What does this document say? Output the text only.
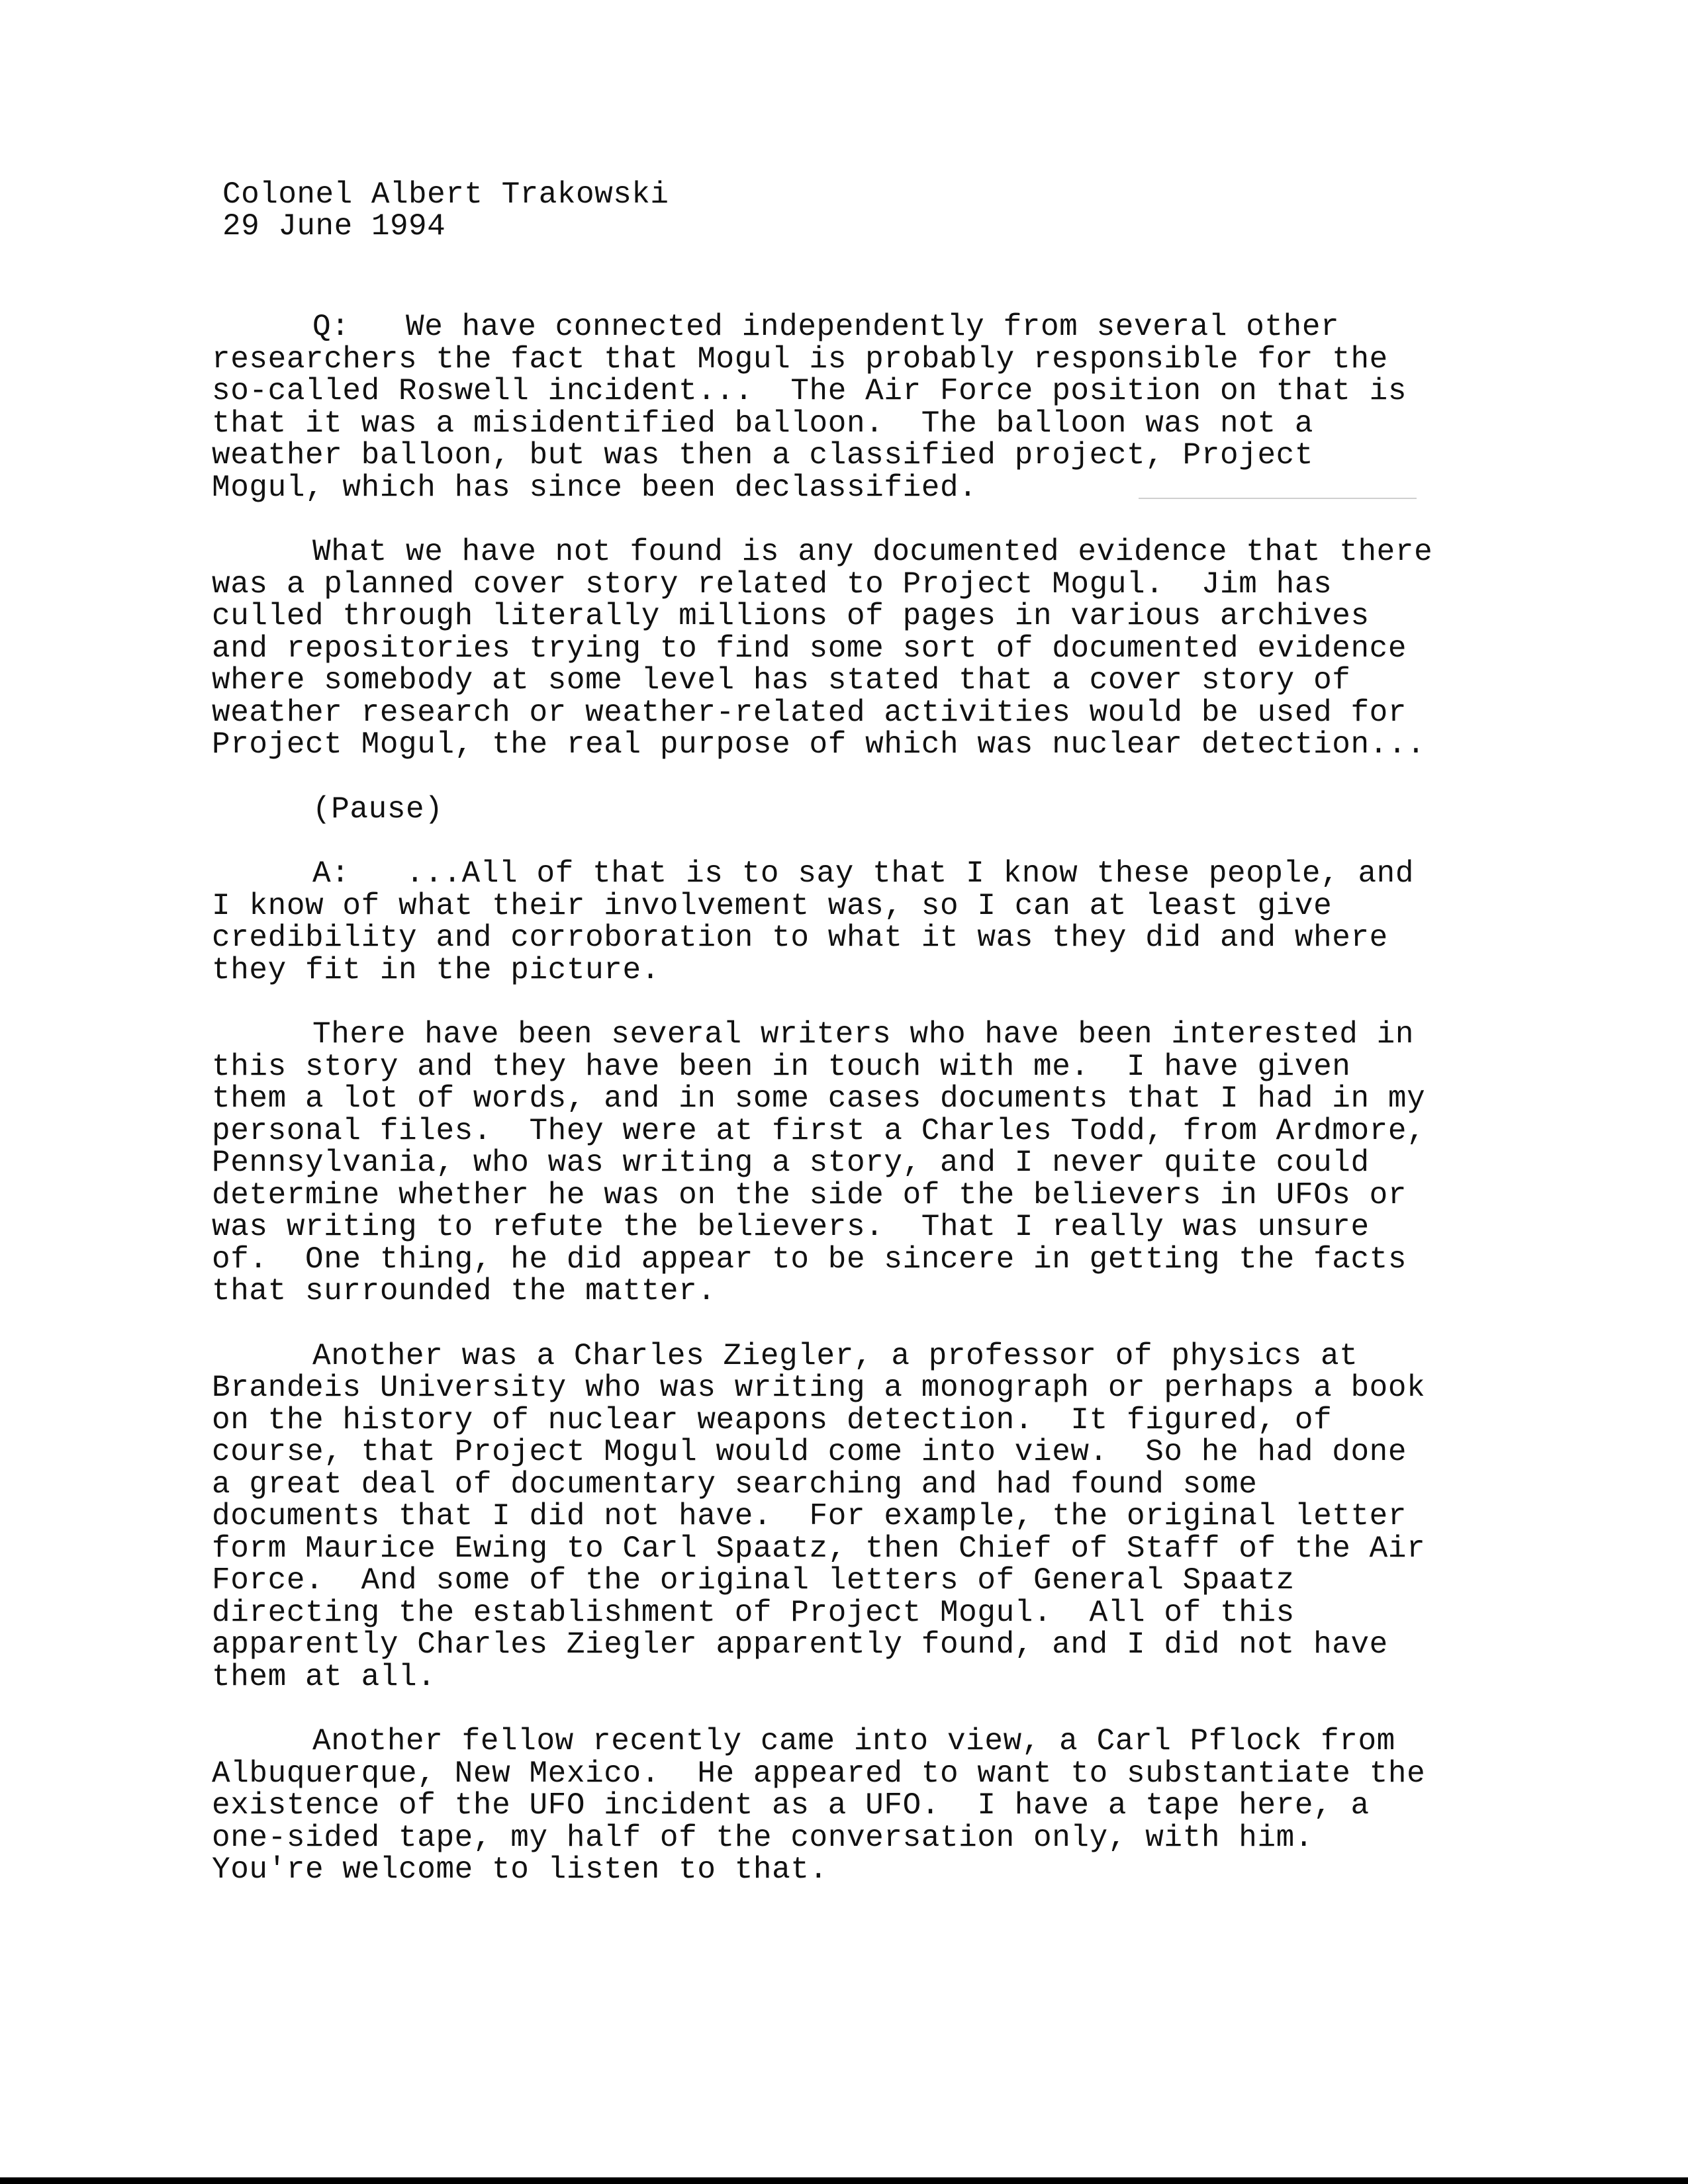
Colonel Albert Trakowski
29 June 1994
Q:   We have connected independently from several other
researchers the fact that Mogul is probably responsible for the
so-called Roswell incident...  The Air Force position on that is
that it was a misidentified balloon.  The balloon was not a
weather balloon, but was then a classified project, Project
Mogul, which has since been declassified.
What we have not found is any documented evidence that there
was a planned cover story related to Project Mogul.  Jim has
culled through literally millions of pages in various archives
and repositories trying to find some sort of documented evidence
where somebody at some level has stated that a cover story of
weather research or weather-related activities would be used for
Project Mogul, the real purpose of which was nuclear detection...
(Pause)
A:   ...All of that is to say that I know these people, and
I know of what their involvement was, so I can at least give
credibility and corroboration to what it was they did and where
they fit in the picture.
There have been several writers who have been interested in
this story and they have been in touch with me.  I have given
them a lot of words, and in some cases documents that I had in my
personal files.  They were at first a Charles Todd, from Ardmore,
Pennsylvania, who was writing a story, and I never quite could
determine whether he was on the side of the believers in UFOs or
was writing to refute the believers.  That I really was unsure
of.  One thing, he did appear to be sincere in getting the facts
that surrounded the matter.
Another was a Charles Ziegler, a professor of physics at
Brandeis University who was writing a monograph or perhaps a book
on the history of nuclear weapons detection.  It figured, of
course, that Project Mogul would come into view.  So he had done
a great deal of documentary searching and had found some
documents that I did not have.  For example, the original letter
form Maurice Ewing to Carl Spaatz, then Chief of Staff of the Air
Force.  And some of the original letters of General Spaatz
directing the establishment of Project Mogul.  All of this
apparently Charles Ziegler apparently found, and I did not have
them at all.
Another fellow recently came into view, a Carl Pflock from
Albuquerque, New Mexico.  He appeared to want to substantiate the
existence of the UFO incident as a UFO.  I have a tape here, a
one-sided tape, my half of the conversation only, with him.
You're welcome to listen to that.
